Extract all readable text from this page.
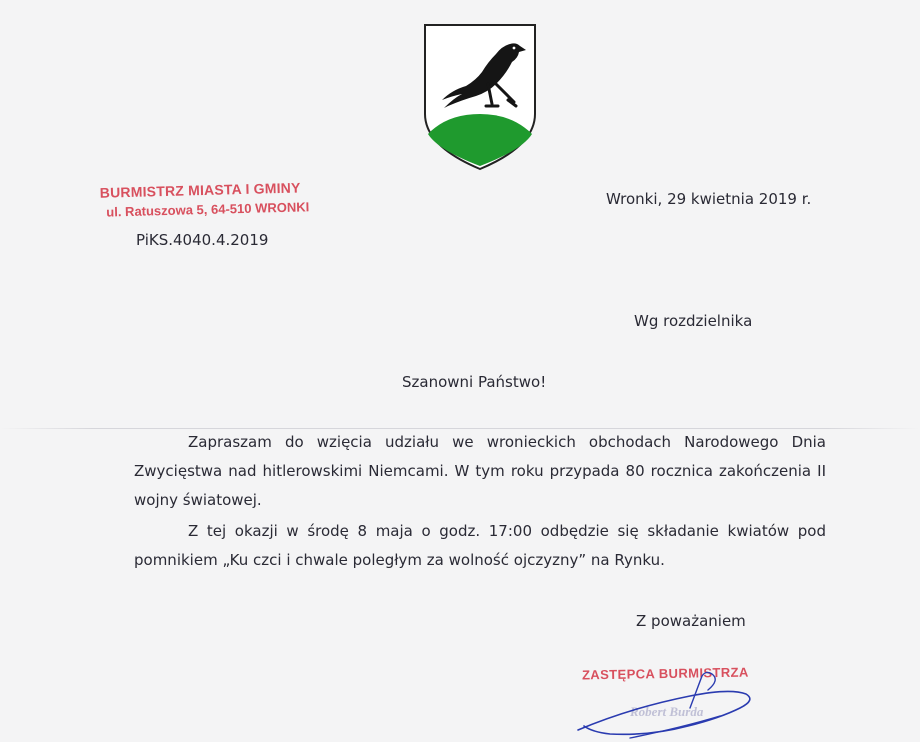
BURMISTRZ MIASTA I GMINY
ul. Ratuszowa 5, 64-510 WRONKI
PiKS.4040.4.2019
Wronki, 29 kwietnia 2019 r.
Wg rozdzielnika
Szanowni Państwo!

Zapraszam do wzięcia udziału we wronieckich obchodach Narodowego Dnia Zwycięstwa nad hitlerowskimi Niemcami. W tym roku przypada 80 rocznica zakończenia II wojny światowej.

Z tej okazji w środę 8 maja o godz. 17:00 odbędzie się składanie kwiatów pod pomnikiem „Ku czci i chwale poległym za wolność ojczyzny” na Rynku.

Z poważaniem
ZASTĘPCA BURMISTRZA
Robert Burda
